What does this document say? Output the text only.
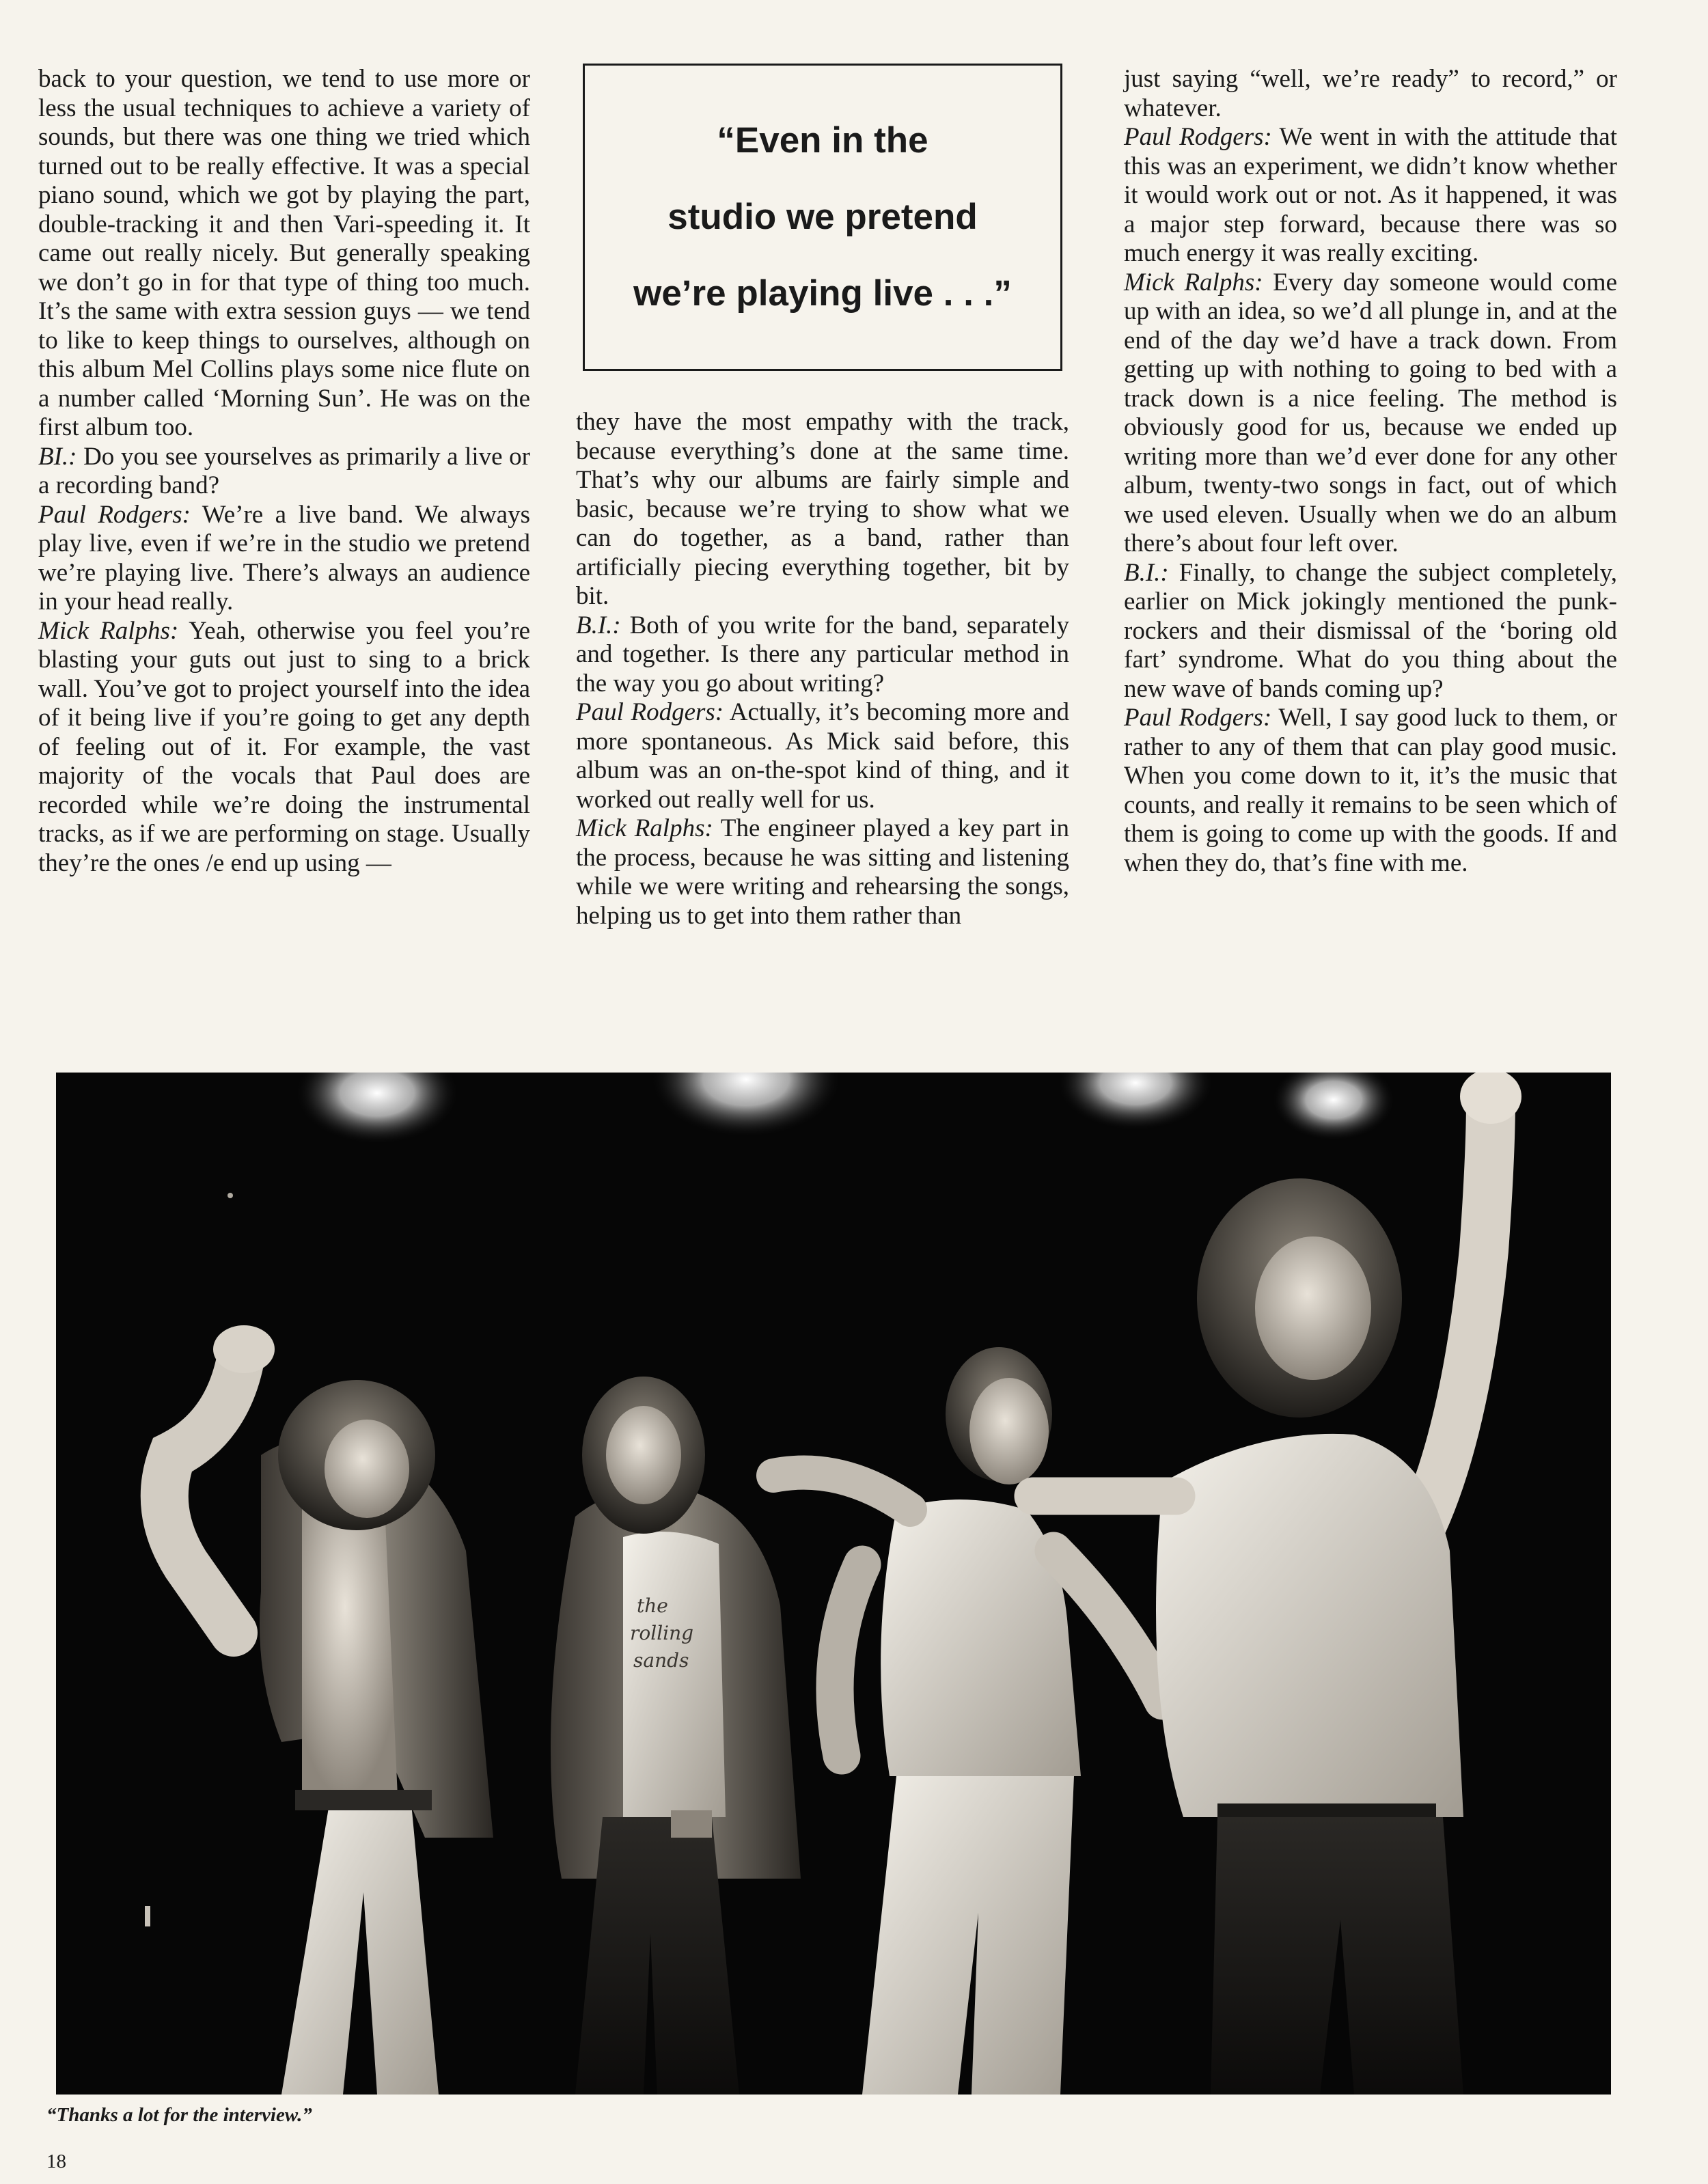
back to your question, we tend to use more or less the usual techniques to achieve a variety of sounds, but there was one thing we tried which turned out to be really effective. It was a special piano sound, which we got by playing the part, double-tracking it and then Vari-speeding it. It came out really nicely. But generally speaking we don’t go in for that type of thing too much. It’s the same with extra session guys — we tend to like to keep things to ourselves, although on this album Mel Collins plays some nice flute on a number called ‘Morning Sun’. He was on the first album too.

BI.: Do you see yourselves as primarily a live or a recording band?

Paul Rodgers: We’re a live band. We always play live, even if we’re in the studio we pretend we’re playing live. There’s always an audience in your head really.

Mick Ralphs: Yeah, otherwise you feel you’re blasting your guts out just to sing to a brick wall. You’ve got to project yourself into the idea of it being live if you’re going to get any depth of feeling out of it. For example, the vast majority of the vocals that Paul does are recorded while we’re doing the instrumental tracks, as if we are performing on stage. Usually they’re the ones /e end up using —

“Even in the
studio we pretend
we’re playing live . . .”

they have the most empathy with the track, because everything’s done at the same time. That’s why our albums are fairly simple and basic, because we’re trying to show what we can do together, as a band, rather than artificially piecing everything together, bit by bit.

B.I.: Both of you write for the band, separately and together. Is there any particular method in the way you go about writing?

Paul Rodgers: Actually, it’s becoming more and more spontaneous. As Mick said before, this album was an on-the-spot kind of thing, and it worked out really well for us.

Mick Ralphs: The engineer played a key part in the process, because he was sitting and listening while we were writing and rehearsing the songs, helping us to get into them rather than

just saying “well, we’re ready” to record,” or whatever.

Paul Rodgers: We went in with the attitude that this was an experiment, we didn’t know whether it would work out or not. As it happened, it was a major step forward, because there was so much energy it was really exciting.

Mick Ralphs: Every day someone would come up with an idea, so we’d all plunge in, and at the end of the day we’d have a track down. From getting up with nothing to going to bed with a track down is a nice feeling. The method is obviously good for us, because we ended up writing more than we’d ever done for any other album, twenty-two songs in fact, out of which we used eleven. Usually when we do an album there’s about four left over.

B.I.: Finally, to change the subject completely, earlier on Mick jokingly mentioned the punk-rockers and their dismissal of the ‘boring old fart’ syndrome. What do you thing about the new wave of bands coming up?

Paul Rodgers: Well, I say good luck to them, or rather to any of them that can play good music. When you come down to it, it’s the music that counts, and really it remains to be seen which of them is going to come up with the goods. If and when they do, that’s fine with me.

the
rolling
sands
“Thanks a lot for the interview.”
18
